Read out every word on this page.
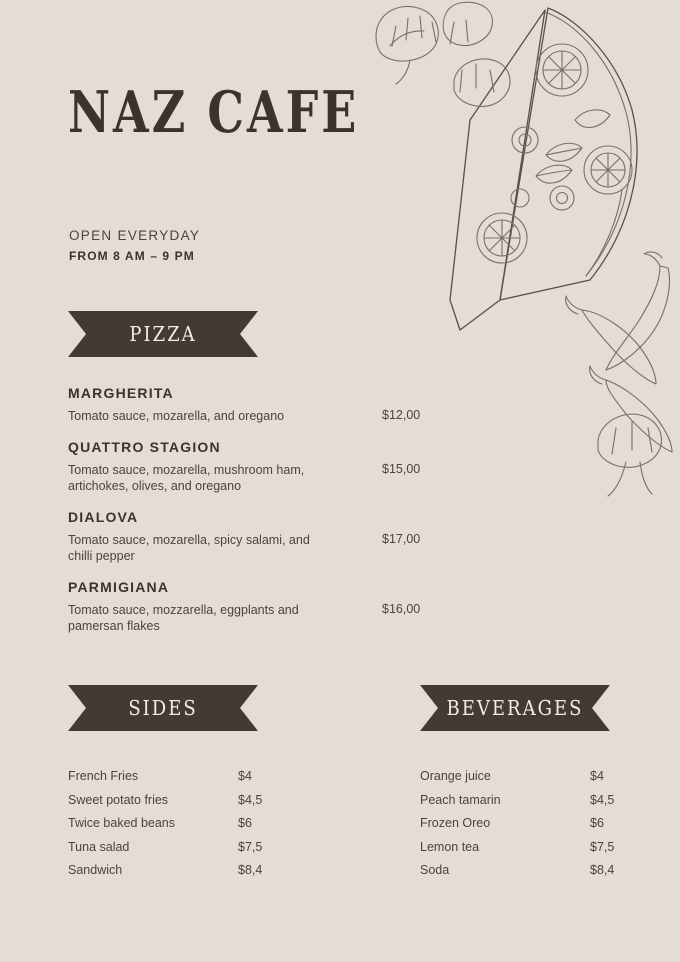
NAZ CAFE
OPEN EVERYDAY
FROM 8 AM – 9 PM
PIZZA
MARGHERITA
Tomato sauce, mozarella, and oregano	$12,00
QUATTRO STAGION
Tomato sauce, mozarella, mushroom ham, artichokes, olives, and oregano
$15,00
DIALOVA
Tomato sauce, mozarella, spicy salami, and chilli pepper
$17,00
PARMIGIANA
Tomato sauce, mozzarella, eggplants and pamersan flakes
$16,00
SIDES
French Fries	$4
Sweet potato fries	$4,5
Twice baked beans	$6
Tuna salad	$7,5
Sandwich	$8,4
BEVERAGES
Orange juice	$4
Peach tamarin	$4,5
Frozen Oreo	$6
Lemon tea	$7,5
Soda	$8,4
